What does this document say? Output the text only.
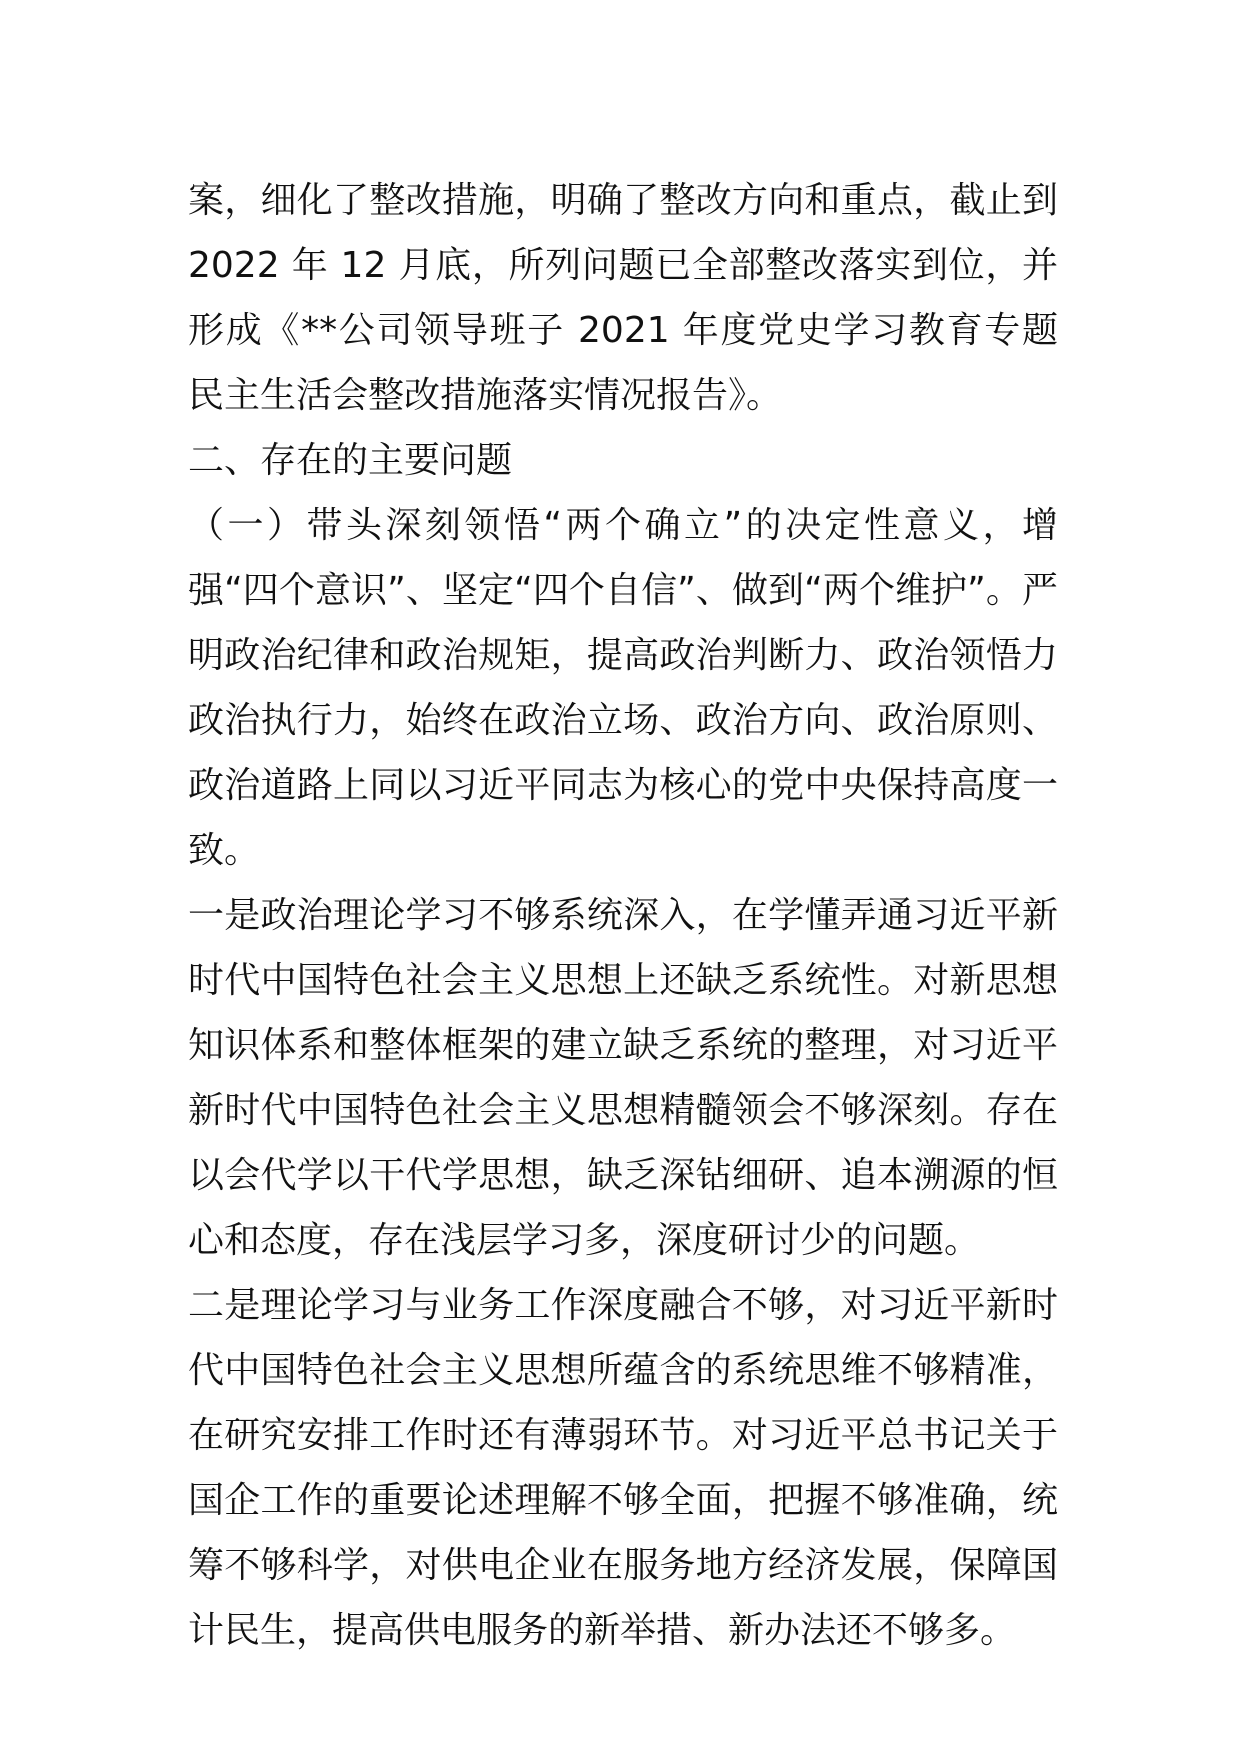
案，细化了整改措施，明确了整改方向和重点，截止到2022 年 12 月底，所列问题已全部整改落实到位，并形成《**公司领导班子 2021 年度党史学习教育专题民主生活会整改措施落实情况报告》。

二、存在的主要问题

（一）带头深刻领悟“两个确立”的决定性意义，增强“四个意识”、坚定“四个自信”、做到“两个维护”。严明政治纪律和政治规矩，提高政治判断力、政治领悟力政治执行力，始终在政治立场、政治方向、政治原则、政治道路上同以习近平同志为核心的党中央保持高度一致。

一是政治理论学习不够系统深入，在学懂弄通习近平新时代中国特色社会主义思想上还缺乏系统性。对新思想知识体系和整体框架的建立缺乏系统的整理，对习近平新时代中国特色社会主义思想精髓领会不够深刻。存在以会代学以干代学思想，缺乏深钻细研、追本溯源的恒心和态度，存在浅层学习多，深度研讨少的问题。

二是理论学习与业务工作深度融合不够，对习近平新时代中国特色社会主义思想所蕴含的系统思维不够精准，在研究安排工作时还有薄弱环节。对习近平总书记关于国企工作的重要论述理解不够全面，把握不够准确，统筹不够科学，对供电企业在服务地方经济发展，保障国计民生，提高供电服务的新举措、新办法还不够多。
